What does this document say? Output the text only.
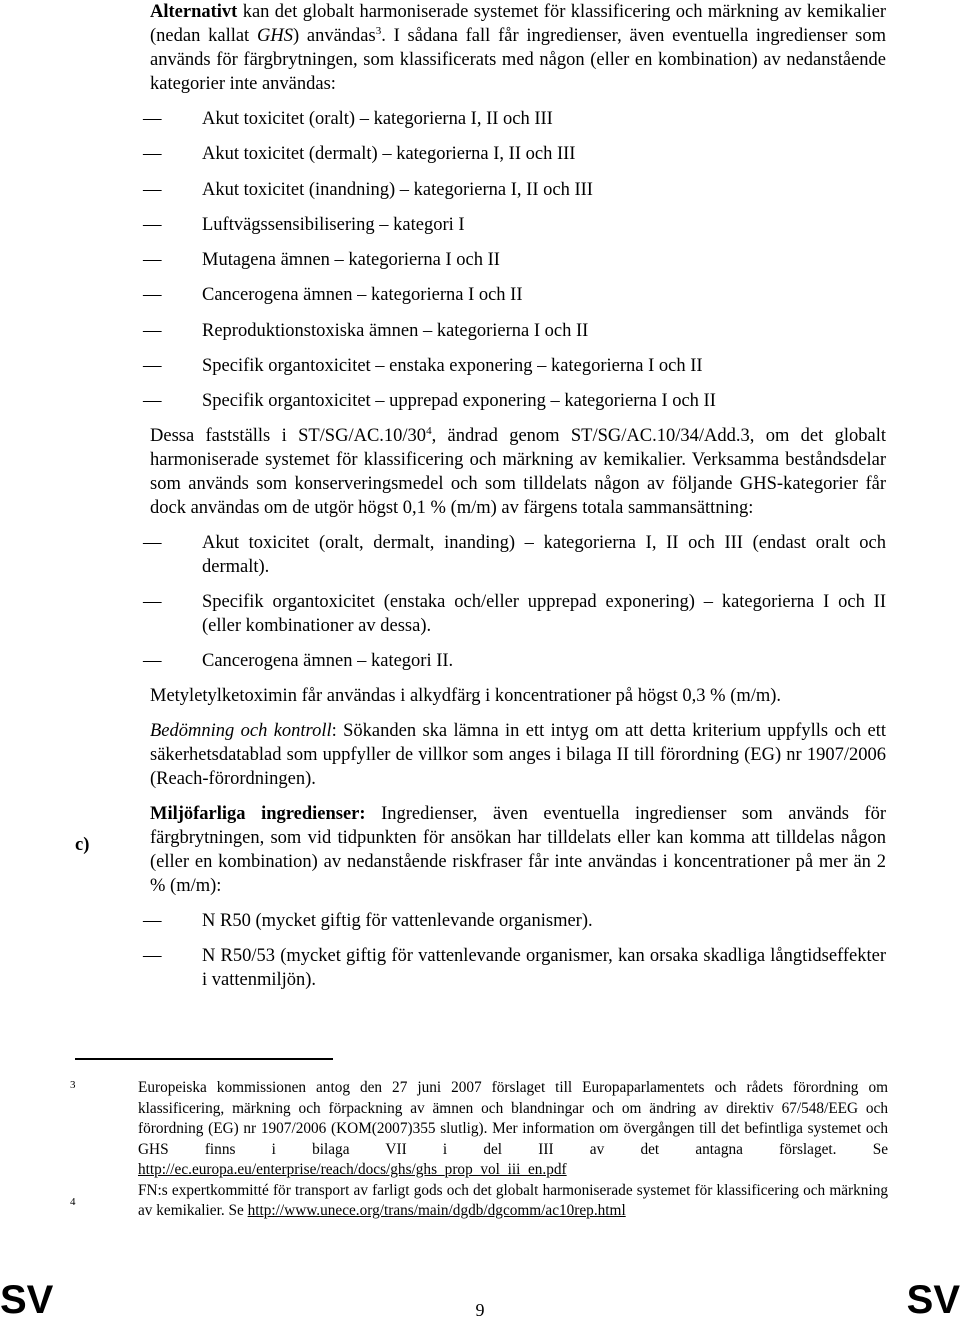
Alternativt kan det globalt harmoniserade systemet för klassificering och märkning av kemikalier (nedan kallat GHS) användas$^3$. I sådana fall får ingredienser, även eventuella ingredienser som används för färgbrytningen, som klassificerats med någon (eller en kombination) av nedanstående kategorier inte användas:

— Akut toxicitet (oralt) – kategorierna I, II och III
— Akut toxicitet (dermalt) – kategorierna I, II och III
— Akut toxicitet (inandning) – kategorierna I, II och III
— Luftvägssensibilisering – kategori I
— Mutagena ämnen – kategorierna I och II
— Cancerogena ämnen – kategorierna I och II
— Reproduktionstoxiska ämnen – kategorierna I och II
— Specifik organtoxicitet – enstaka exponering – kategorierna I och II
— Specifik organtoxicitet – upprepad exponering – kategorierna I och II

Dessa fastställs i $ST/SG/AC.10/30^4$, ändrad genom ST/SG/AC.10/34/Add.3, om det globalt harmoniserade systemet för klassificering och märkning av kemikalier. Verksamma beståndsdelar som används som konserveringsmedel och som tilldelats någon av följande GHS-kategorier får dock användas om de utgör högst 0,1 % (m/m) av färgens totala sammansättning:

— Akut toxicitet (oralt, dermalt, inanding) – kategorierna I, II och III (endast oralt och dermalt).
— Specifik organtoxicitet (enstaka och/eller upprepad exponering) – kategorierna I och II (eller kombinationer av dessa).
— Cancerogena ämnen – kategori II.

Metyletylketoximin får användas i alkydfärg i koncentrationer på högst 0,3 % (m/m).

Bedömning och kontroll: Sökanden ska lämna in ett intyg om att detta kriterium uppfylls och ett säkerhetsdatablad som uppfyller de villkor som anges i bilaga II till förordning (EG) nr 1907/2006 (Reach-förordningen).

Miljöfarliga ingredienser: Ingredienser, även eventuella ingredienser som används för färgbrytningen, som vid tidpunkten för ansökan har tilldelats eller kan komma att tilldelas någon (eller en kombination) av nedanstående riskfraser får inte användas i koncentrationer på mer än 2 % (m/m):

— N R50 (mycket giftig för vattenlevande organismer).
— N R50/53 (mycket giftig för vattenlevande organismer, kan orsaka skadliga långtidseffekter i vattenmiljön).
c)
3	Europeiska kommissionen antog den 27 juni 2007 förslaget till Europaparlamentets och rådets förordning om klassificering, märkning och förpackning av ämnen och blandningar och om ändring av direktiv 67/548/EEG och förordning (EG) nr 1907/2006 (KOM(2007)355 slutlig). Mer information om övergången till det befintliga systemet och GHS finns i bilaga VII i del III av det antagna förslaget. Se http://ec.europa.eu/enterprise/reach/docs/ghs/ghs_prop_vol_iii_en.pdf
4
FN:s expertkommitté för transport av farligt gods och det globalt harmoniserade systemet för klassificering och märkning av kemikalier. Se http://www.unece.org/trans/main/dgdb/dgcomm/ac10rep.html
SV	9	SV
